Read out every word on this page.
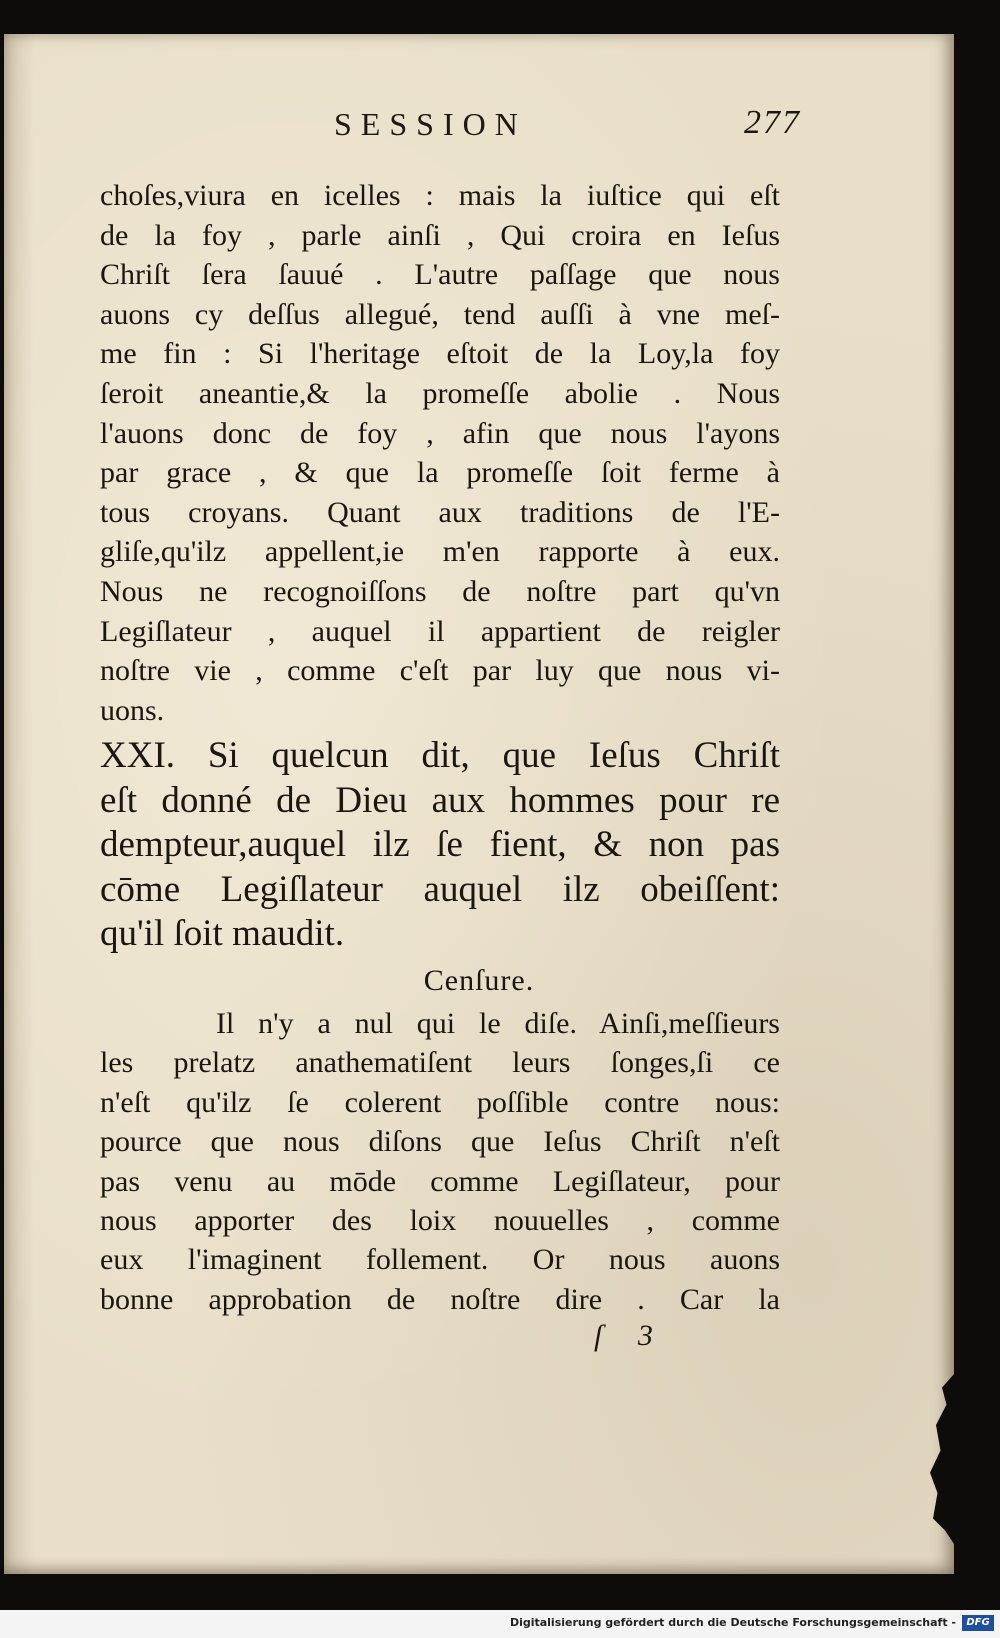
SESSION	277
choſes,viura en icelles : mais la iuſtice qui eſt
de la foy , parle ainſi , Qui croira en Ieſus
Chriſt ſera ſauué . L'autre paſſage que nous
auons cy deſſus allegué, tend auſſi à vne meſ-
me fin : Si l'heritage eſtoit de la Loy,la foy
ſeroit aneantie,& la promeſſe abolie . Nous
l'auons donc de foy , afin que nous l'ayons
par grace , & que la promeſſe ſoit ferme à
tous croyans. Quant aux traditions de l'E-
gliſe,qu'ilz appellent,ie m'en rapporte à eux.
Nous ne recognoiſſons de noſtre part qu'vn
Legiſlateur , auquel il appartient de reigler
noſtre vie , comme c'eſt par luy que nous vi-
uons.
XXI. Si quelcun dit, que Ieſus Chriſt
eſt donné de Dieu aux hommes pour re
dempteur,auquel ilz ſe fient, & non pas
cōme Legiſlateur auquel ilz obeiſſent:
qu'il ſoit maudit.
Cenſure.
Il n'y a nul qui le diſe. Ainſi,meſſieurs
les prelatz anathematiſent leurs ſonges,ſi ce
n'eſt qu'ilz ſe colerent poſſible contre nous:
pource que nous diſons que Ieſus Chriſt n'eſt
pas venu au mōde comme Legiſlateur, pour
nous apporter des loix nouuelles , comme
eux l'imaginent follement. Or nous auons
bonne approbation de noſtre dire . Car la
ſ 3
Digitalisierung gefördert durch die Deutsche Forschungsgemeinschaft -	DFG
